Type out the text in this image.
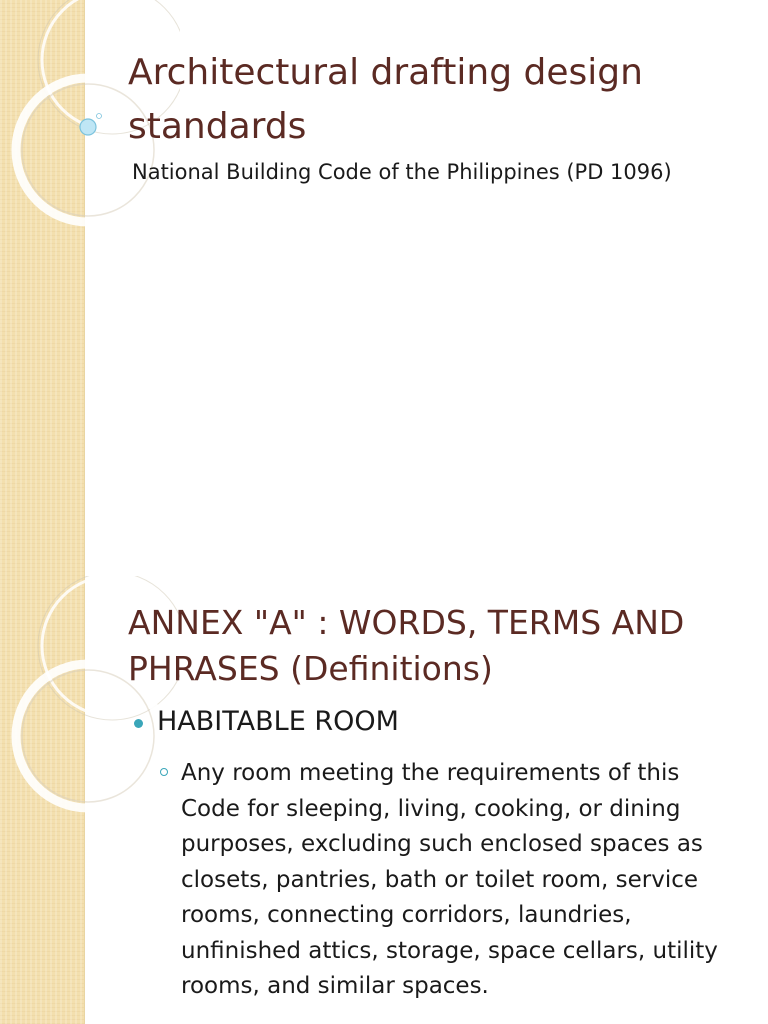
Architectural drafting design standards

National Building Code of the Philippines (PD 1096)

ANNEX "A" : WORDS, TERMS AND PHRASES (Definitions)
HABITABLE ROOM
Any room meeting the requirements of this Code for sleeping, living, cooking, or dining purposes, excluding such enclosed spaces as closets, pantries, bath or toilet room, service rooms, connecting corridors, laundries, unfinished attics, storage, space cellars, utility rooms, and similar spaces.
